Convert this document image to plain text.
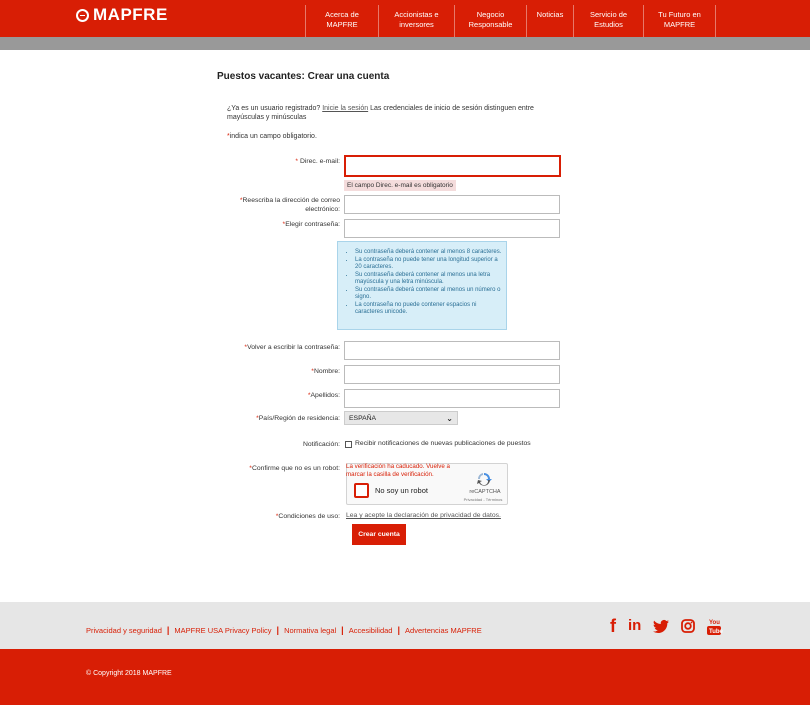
MAPFRE	Acerca de
MAPFRE
Accionistas e
inversores
Negocio
Responsable
Noticias	Servicio de
Estudios
Tu Futuro en
MAPFRE
Puestos vacantes: Crear una cuenta
¿Ya es un usuario registrado? Inicie la sesión Las credenciales de inicio de sesión distinguen entre mayúsculas y minúsculas
*indica un campo obligatorio.
* Direc. e-mail:
El campo Direc. e-mail es obligatorio
*Reescriba la dirección de correo electrónico:
*Elegir contraseña:
• Su contraseña deberá contener al menos 8 caracteres.
• La contraseña no puede tener una longitud superior a 20 caracteres.
• Su contraseña deberá contener al menos una letra mayúscula y una letra minúscula.
• Su contraseña deberá contener al menos un número o signo.
• La contraseña no puede contener espacios ni caracteres unicode.
*Volver a escribir la contraseña:
*Nombre:
*Apellidos:
*País/Región de residencia:	ESPAÑA	⌄
Notificación: Recibir notificaciones de nuevas publicaciones de puestos
*Confirme que no es un robot:
No soy un robot	reCAPTCHA
Privacidad - Términos
La verificación ha caducado. Vuelve a marcar la casilla de verificación.
*Condiciones de uso: Lea y acepte la declaración de privacidad de datos.
Crear cuenta
Privacidad y seguridad | MAPFRE USA Privacy Policy | Normativa legal | Accesibilidad | Advertencias MAPFRE	f in	You
Tube
© Copyright 2018 MAPFRE
